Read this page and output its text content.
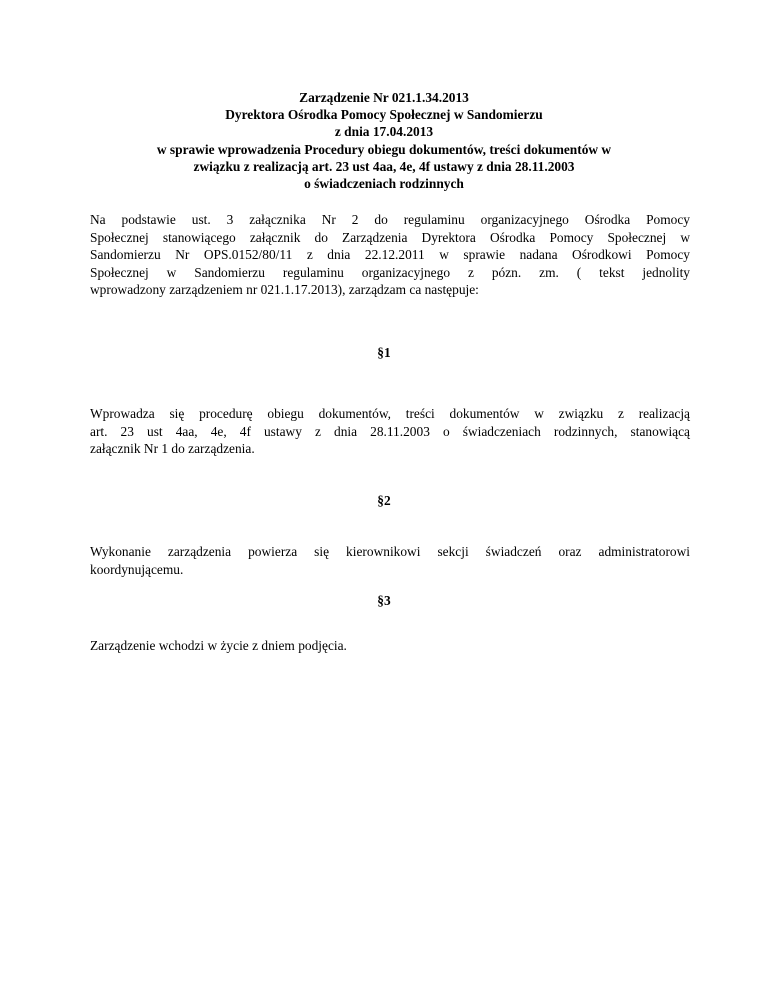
Zarządzenie Nr 021.1.34.2013
Dyrektora Ośrodka Pomocy Społecznej w Sandomierzu
z dnia 17.04.2013
w sprawie wprowadzenia Procedury obiegu dokumentów, treści dokumentów w
związku z realizacją art. 23 ust 4aa, 4e, 4f ustawy z dnia 28.11.2003
o świadczeniach rodzinnych
Na podstawie ust. 3 załącznika Nr 2 do regulaminu organizacyjnego Ośrodka Pomocy
Społecznej stanowiącego załącznik do Zarządzenia Dyrektora Ośrodka Pomocy Społecznej w
Sandomierzu Nr OPS.0152/80/11 z dnia 22.12.2011 w sprawie nadana Ośrodkowi Pomocy
Społecznej w Sandomierzu regulaminu organizacyjnego z pózn. zm. ( tekst jednolity
wprowadzony zarządzeniem nr 021.1.17.2013), zarządzam ca następuje:
§1
Wprowadza się procedurę obiegu dokumentów, treści dokumentów w związku z realizacją
art. 23 ust 4aa, 4e, 4f ustawy z dnia 28.11.2003 o świadczeniach rodzinnych, stanowiącą
załącznik Nr 1 do zarządzenia.
§2
Wykonanie zarządzenia powierza się kierownikowi sekcji świadczeń oraz administratorowi
koordynującemu.
§3
Zarządzenie wchodzi w życie z dniem podjęcia.
